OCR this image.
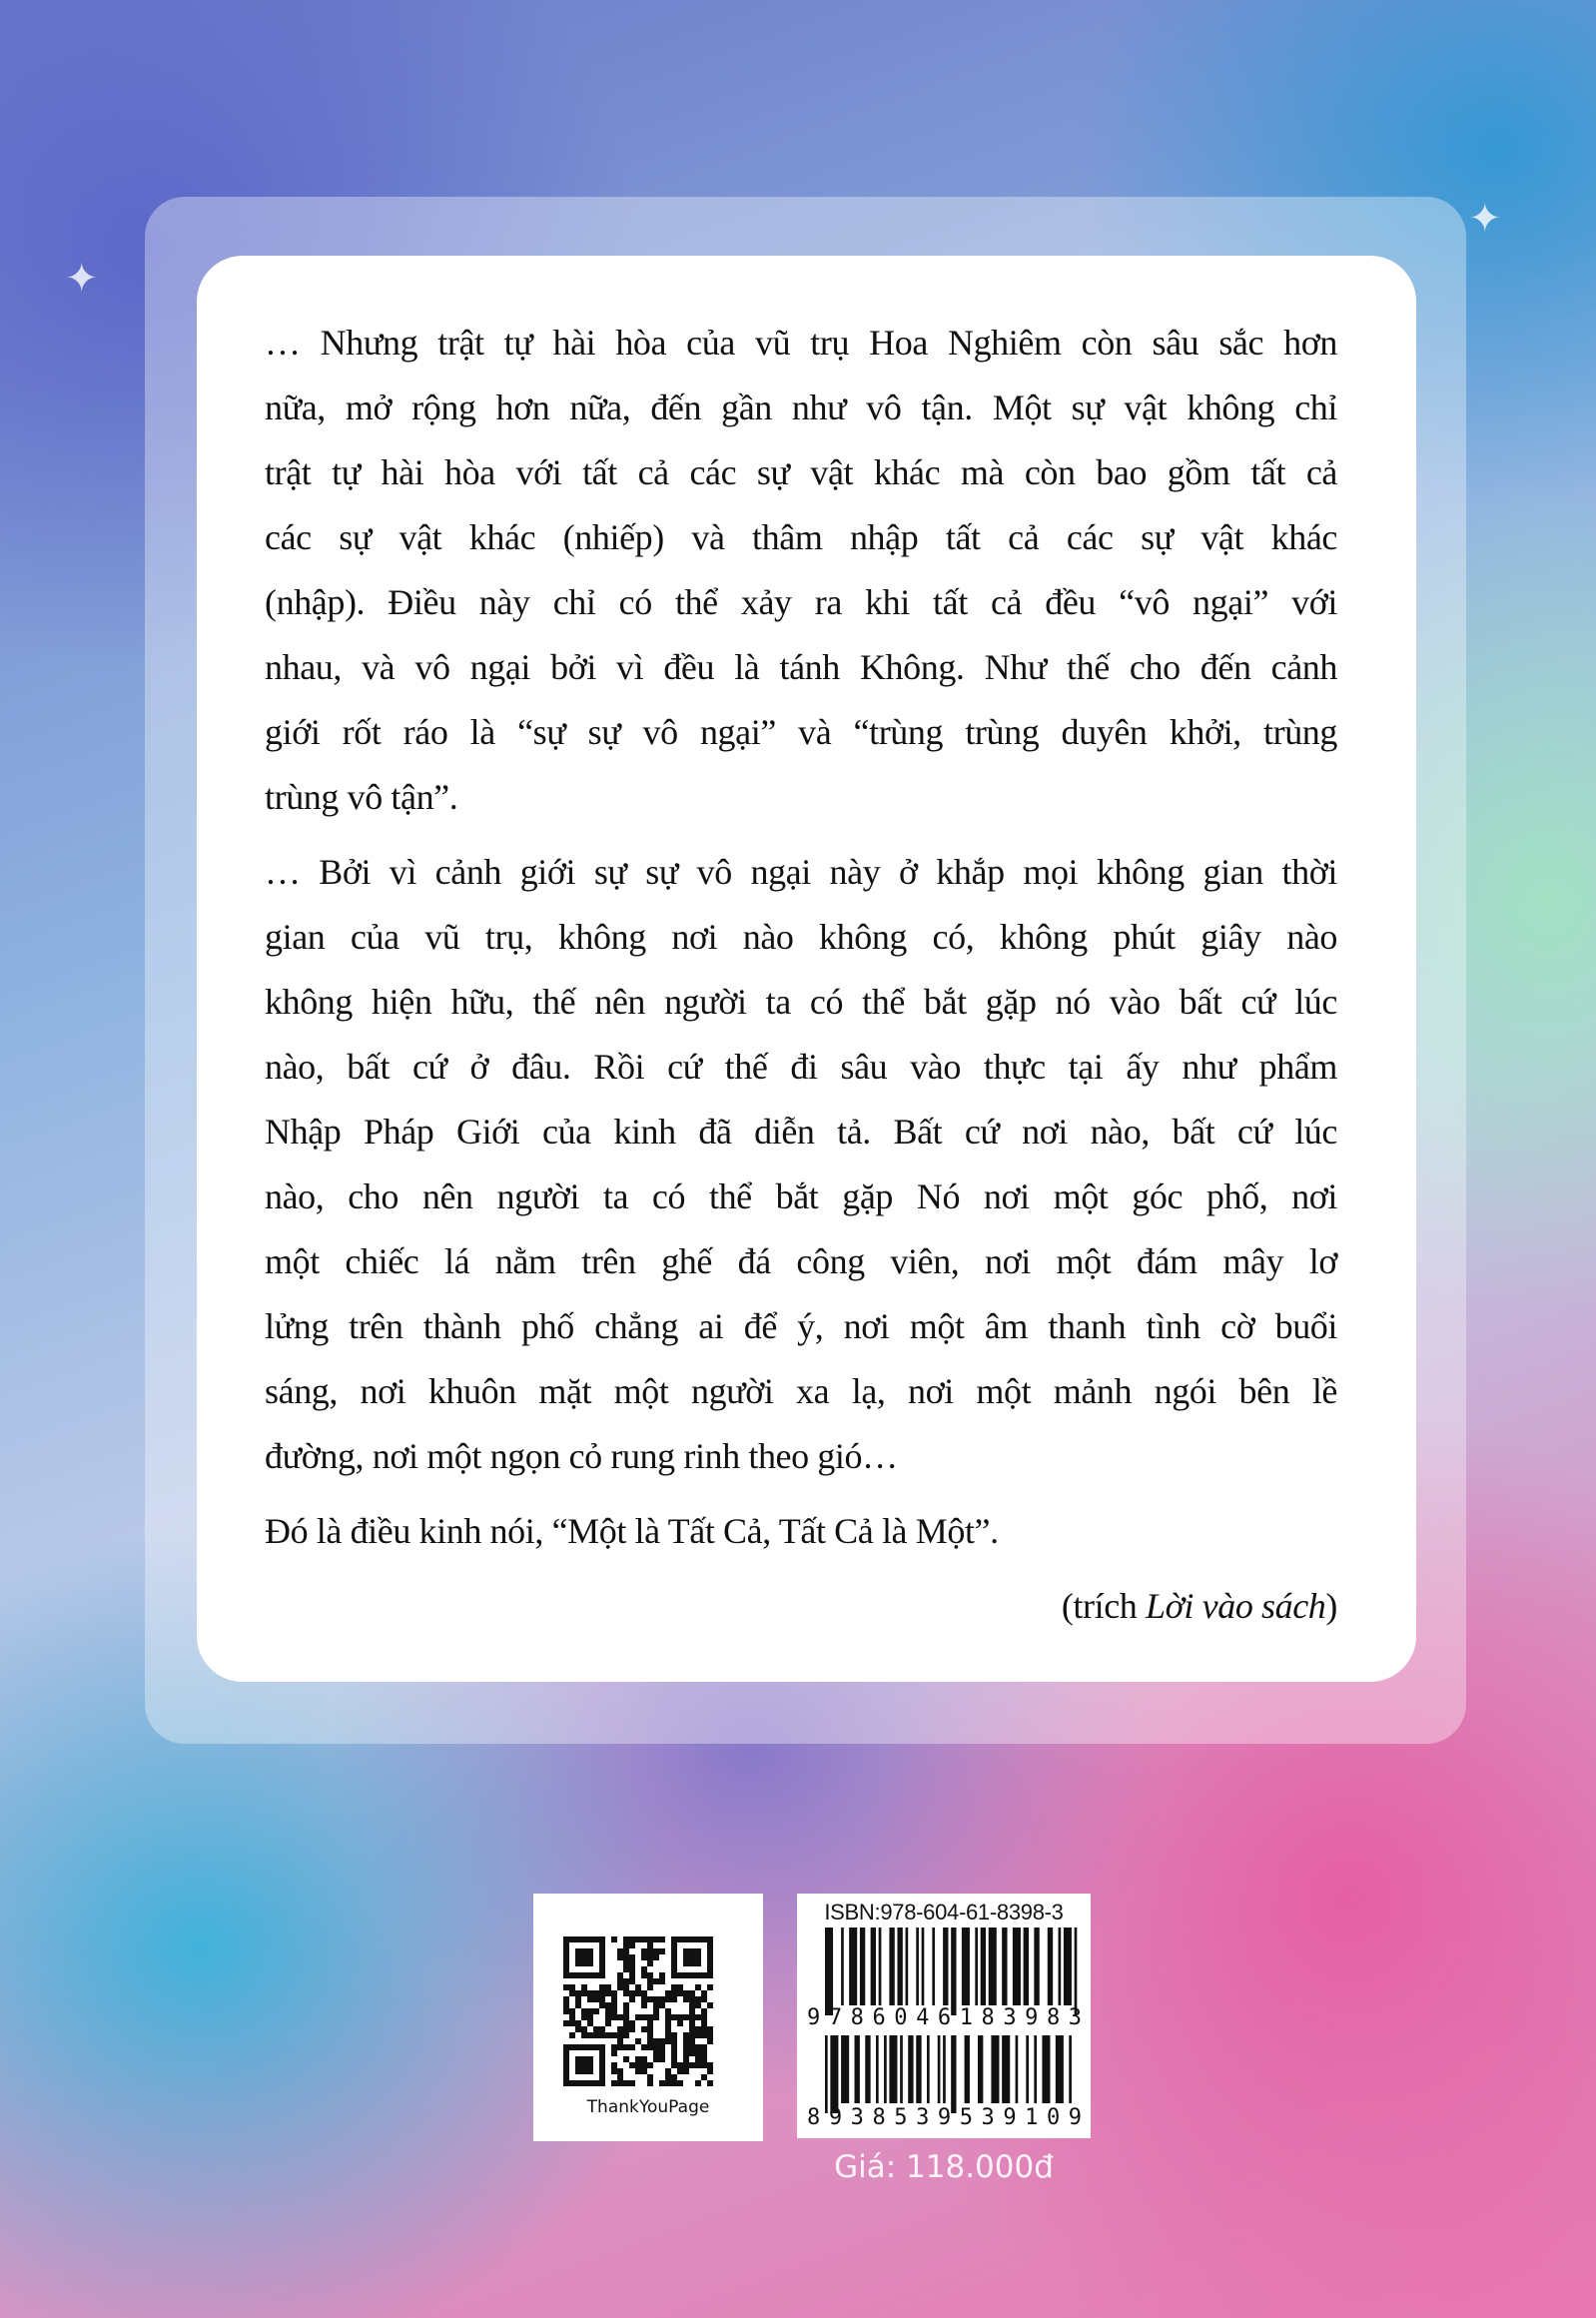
✦
✦
… Nhưng trật tự hài hòa của vũ trụ Hoa Nghiêm còn sâu sắc hơn
nữa, mở rộng hơn nữa, đến gần như vô tận. Một sự vật không chỉ
trật tự hài hòa với tất cả các sự vật khác mà còn bao gồm tất cả
các sự vật khác (nhiếp) và thâm nhập tất cả các sự vật khác
(nhập). Điều này chỉ có thể xảy ra khi tất cả đều “vô ngại” với
nhau, và vô ngại bởi vì đều là tánh Không. Như thế cho đến cảnh
giới rốt ráo là “sự sự vô ngại” và “trùng trùng duyên khởi, trùng
trùng vô tận”.
… Bởi vì cảnh giới sự sự vô ngại này ở khắp mọi không gian thời
gian của vũ trụ, không nơi nào không có, không phút giây nào
không hiện hữu, thế nên người ta có thể bắt gặp nó vào bất cứ lúc
nào, bất cứ ở đâu. Rồi cứ thế đi sâu vào thực tại ấy như phẩm
Nhập Pháp Giới của kinh đã diễn tả. Bất cứ nơi nào, bất cứ lúc
nào, cho nên người ta có thể bắt gặp Nó nơi một góc phố, nơi
một chiếc lá nằm trên ghế đá công viên, nơi một đám mây lơ
lửng trên thành phố chẳng ai để ý, nơi một âm thanh tình cờ buổi
sáng, nơi khuôn mặt một người xa lạ, nơi một mảnh ngói bên lề
đường, nơi một ngọn cỏ rung rinh theo gió…
Đó là điều kinh nói, “Một là Tất Cả, Tất Cả là Một”.
(trích Lời vào sách)
ThankYouPage
ISBN:978-604-61-8398-3
9 7 8 6 0 4 6 1 8 3 9 8 3
8 9 3 8 5 3 9 5 3 9 1 0 9
Giá: 118.000đ
